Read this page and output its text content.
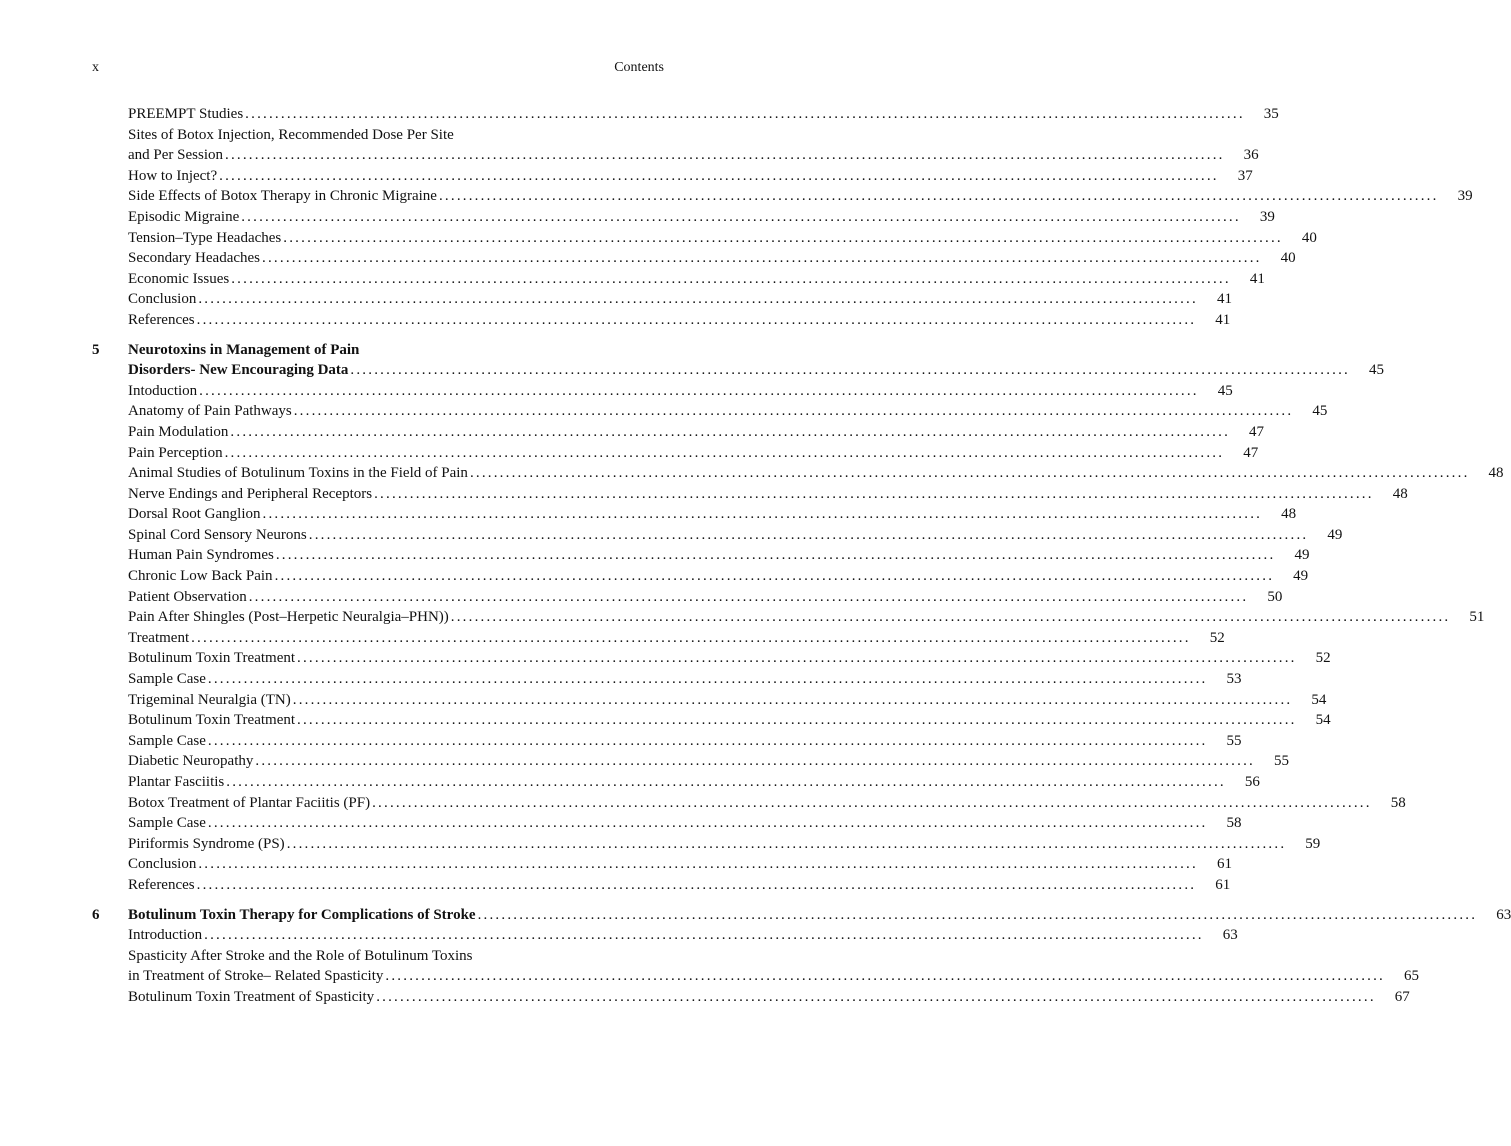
x	Contents
PREEMPT Studies .....	35
Sites of Botox Injection, Recommended Dose Per Site
and Per Session .....	36
How to Inject? .....	37
Side Effects of Botox Therapy in Chronic Migraine .....	39
Episodic Migraine .....	39
Tension–Type Headaches .....	40
Secondary Headaches .....	40
Economic Issues .....	41
Conclusion .....	41
References .....	41
5	Neurotoxins in Management of Pain
Disorders- New Encouraging Data .....	45
Intoduction .....	45
Anatomy of Pain Pathways .....	45
Pain Modulation .....	47
Pain Perception .....	47
Animal Studies of Botulinum Toxins in the Field of Pain .....	48
Nerve Endings and Peripheral Receptors .....	48
Dorsal Root Ganglion .....	48
Spinal Cord Sensory Neurons .....	49
Human Pain Syndromes .....	49
Chronic Low Back Pain .....	49
Patient Observation .....	50
Pain After Shingles (Post–Herpetic Neuralgia–PHN)) .....	51
Treatment .....	52
Botulinum Toxin Treatment .....	52
Sample Case .....	53
Trigeminal Neuralgia (TN) .....	54
Botulinum Toxin Treatment .....	54
Sample Case .....	55
Diabetic Neuropathy .....	55
Plantar Fasciitis .....	56
Botox Treatment of Plantar Faciitis (PF) .....	58
Sample Case .....	58
Piriformis Syndrome (PS) .....	59
Conclusion .....	61
References .....	61
6	Botulinum Toxin Therapy for Complications of Stroke .....	63
Introduction .....	63
Spasticity After Stroke and the Role of Botulinum Toxins
in Treatment of Stroke– Related Spasticity .....	65
Botulinum Toxin Treatment of Spasticity .....	67
